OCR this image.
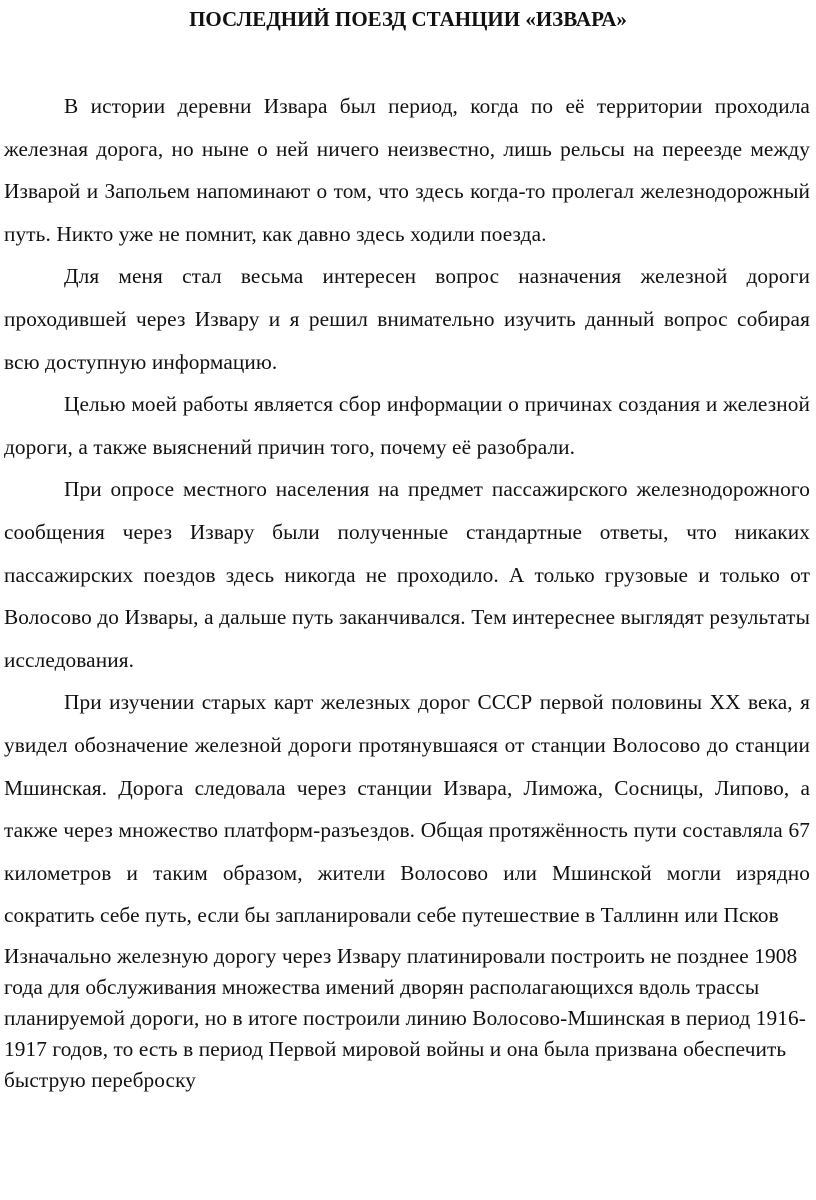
ПОСЛЕДНИЙ ПОЕЗД СТАНЦИИ «ИЗВАРА»

В истории деревни Извара был период, когда по её территории проходила железная дорога, но ныне о ней ничего неизвестно, лишь рельсы на переезде между Изварой и Запольем напоминают о том, что здесь когда-то пролегал железнодорожный путь. Никто уже не помнит, как давно здесь ходили поезда.

Для меня стал весьма интересен вопрос назначения железной дороги проходившей через Извару и я решил внимательно изучить данный вопрос собирая всю доступную информацию.

Целью моей работы является сбор информации о причинах создания и железной дороги, а также выяснений причин того, почему её разобрали.

При опросе местного населения на предмет пассажирского железнодорожного сообщения через Извару были полученные стандартные ответы, что никаких пассажирских поездов здесь никогда не проходило. А только грузовые и только от Волосово до Извары, а дальше путь заканчивался. Тем интереснее выглядят результаты исследования.

При изучении старых карт железных дорог СССР первой половины XX века, я увидел обозначение железной дороги протянувшаяся от станции Волосово до станции Мшинская. Дорога следовала через станции Извара, Лиможа, Сосницы, Липово, а также через множество платформ-разъездов. Общая протяжённость пути составляла 67 километров и таким образом, жители Волосово или Мшинской могли изрядно сократить себе путь, если бы запланировали себе путешествие в Таллинн или Псков

Изначально железную дорогу через Извару платинировали построить не позднее 1908 года для обслуживания множества имений дворян располагающихся вдоль трассы планируемой дороги, но в итоге построили линию Волосово-Мшинская в период 1916-1917 годов, то есть в период Первой мировой войны и она была призвана обеспечить быструю переброску
